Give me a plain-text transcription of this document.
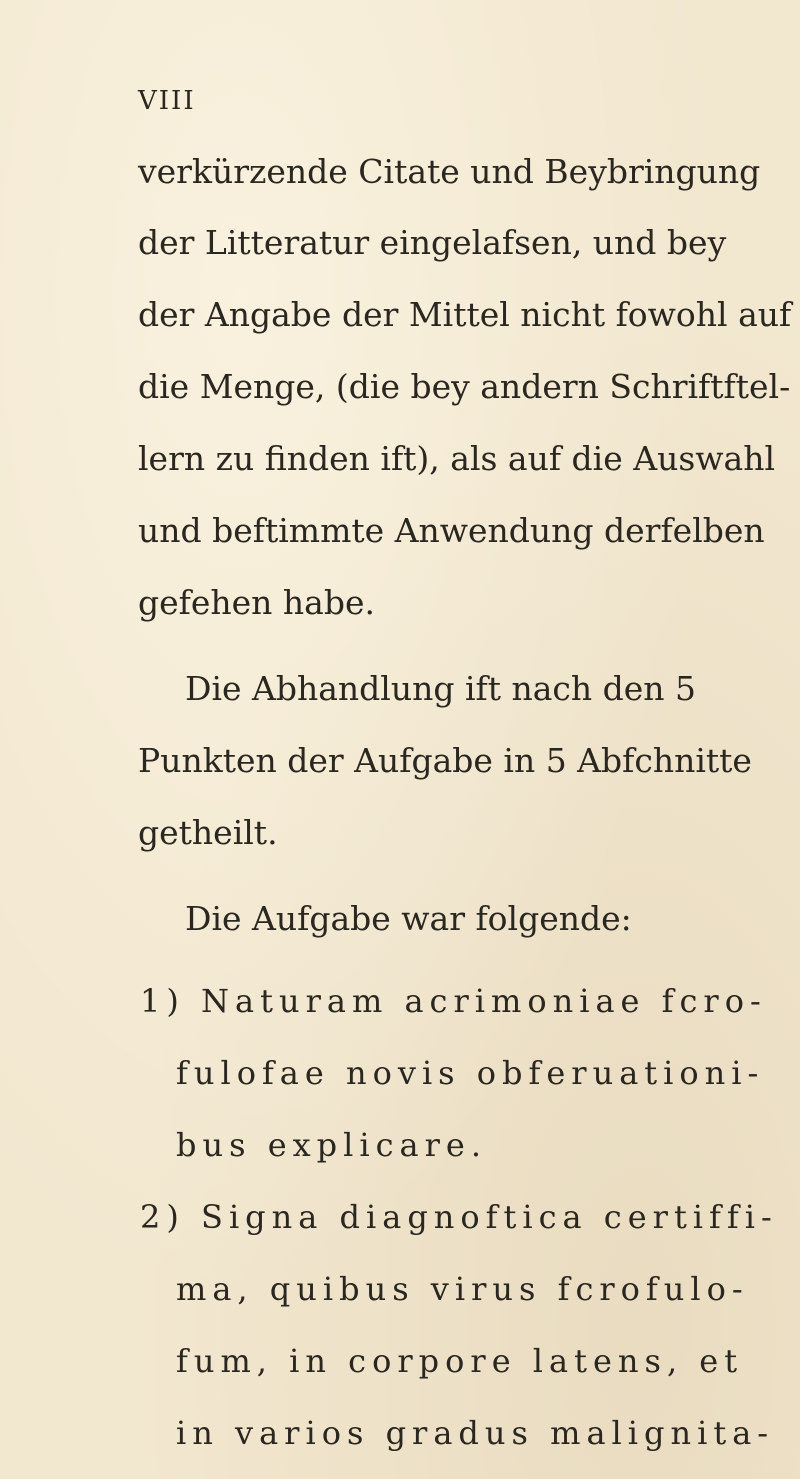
VIII

verkürzende Citate und Beybringung

der Litteratur eingelafsen, und bey

der Angabe der Mittel nicht fowohl auf

die Menge, (die bey andern Schriftftel-

lern zu finden ift), als auf die Auswahl

und beftimmte Anwendung derfelben

gefehen habe.

Die Abhandlung ift nach den 5

Punkten der Aufgabe in 5 Abfchnitte

getheilt.

Die Aufgabe war folgende:

1) Naturam acrimoniae fcro-

fulofae novis obferuationi-

bus explicare.

2) Signa diagnoftica certiffi-

ma, quibus virus fcrofulo-

fum, in corpore latens, et

in varios gradus malignita-
